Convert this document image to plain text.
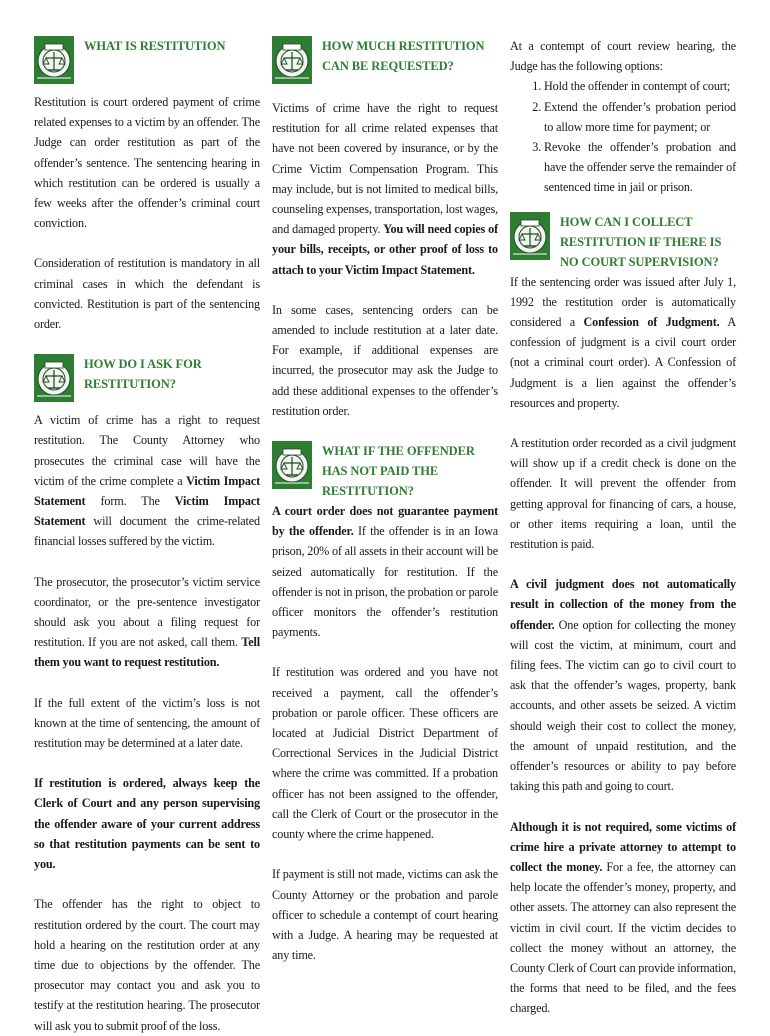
WHAT IS RESTITUTION

Restitution is court ordered payment of crime related expenses to a victim by an offender. The Judge can order restitution as part of the offender’s sentence. The sentencing hearing in which restitution can be ordered is usually a few weeks after the offender’s criminal court conviction.

Consideration of restitution is mandatory in all criminal cases in which the defendant is convicted. Restitution is part of the sentencing order.

HOW DO I ASK FOR RESTITUTION?

A victim of crime has a right to request restitution. The County Attorney who prosecutes the criminal case will have the victim of the crime complete a Victim Impact Statement form. The Victim Impact Statement will document the crime-related financial losses suffered by the victim.

The prosecutor, the prosecutor’s victim service coordinator, or the pre-sentence investigator should ask you about a filing request for restitution. If you are not asked, call them. Tell them you want to request restitution.

If the full extent of the victim’s loss is not known at the time of sentencing, the amount of restitution may be determined at a later date.

If restitution is ordered, always keep the Clerk of Court and any person supervising the offender aware of your current address so that restitution payments can be sent to you.

The offender has the right to object to restitution ordered by the court. The court may hold a hearing on the restitution order at any time due to objections by the offender. The prosecutor may contact you and ask you to testify at the restitution hearing. The prosecutor will ask you to submit proof of the loss.

HOW MUCH RESTITUTION CAN BE REQUESTED?

Victims of crime have the right to request restitution for all crime related expenses that have not been covered by insurance, or by the Crime Victim Compensation Program. This may include, but is not limited to medical bills, counseling expenses, transportation, lost wages, and damaged property. You will need copies of your bills, receipts, or other proof of loss to attach to your Victim Impact Statement.

In some cases, sentencing orders can be amended to include restitution at a later date. For example, if additional expenses are incurred, the prosecutor may ask the Judge to add these additional expenses to the offender’s restitution order.

WHAT IF THE OFFENDER HAS NOT PAID THE RESTITUTION?

A court order does not guarantee payment by the offender. If the offender is in an Iowa prison, 20% of all assets in their account will be seized automatically for restitution. If the offender is not in prison, the probation or parole officer monitors the offender’s restitution payments.

If restitution was ordered and you have not received a payment, call the offender’s probation or parole officer. These officers are located at Judicial District Department of Correctional Services in the Judicial District where the crime was committed. If a probation officer has not been assigned to the offender, call the Clerk of Court or the prosecutor in the county where the crime happened.

If payment is still not made, victims can ask the County Attorney or the probation and parole officer to schedule a contempt of court hearing with a Judge. A hearing may be requested at any time.

At a contempt of court review hearing, the Judge has the following options:

1. Hold the offender in contempt of court;
2. Extend the offender’s probation period to allow more time for payment; or
3. Revoke the offender’s probation and have the offender serve the remainder of sentenced time in jail or prison.
HOW CAN I COLLECT RESTITUTION IF THERE IS NO COURT SUPERVISION?

If the sentencing order was issued after July 1, 1992 the restitution order is automatically considered a Confession of Judgment. A confession of judgment is a civil court order (not a criminal court order). A Confession of Judgment is a lien against the offender’s resources and property.

A restitution order recorded as a civil judgment will show up if a credit check is done on the offender. It will prevent the offender from getting approval for financing of cars, a house, or other items requiring a loan, until the restitution is paid.

A civil judgment does not automatically result in collection of the money from the offender. One option for collecting the money will cost the victim, at minimum, court and filing fees. The victim can go to civil court to ask that the offender’s wages, property, bank accounts, and other assets be seized. A victim should weigh their cost to collect the money, the amount of unpaid restitution, and the offender’s resources or ability to pay before taking this path and going to court.

Although it is not required, some victims of crime hire a private attorney to attempt to collect the money. For a fee, the attorney can help locate the offender’s money, property, and other assets. The attorney can also represent the victim in civil court. If the victim decides to collect the money without an attorney, the County Clerk of Court can provide information, the forms that need to be filed, and the fees charged.
